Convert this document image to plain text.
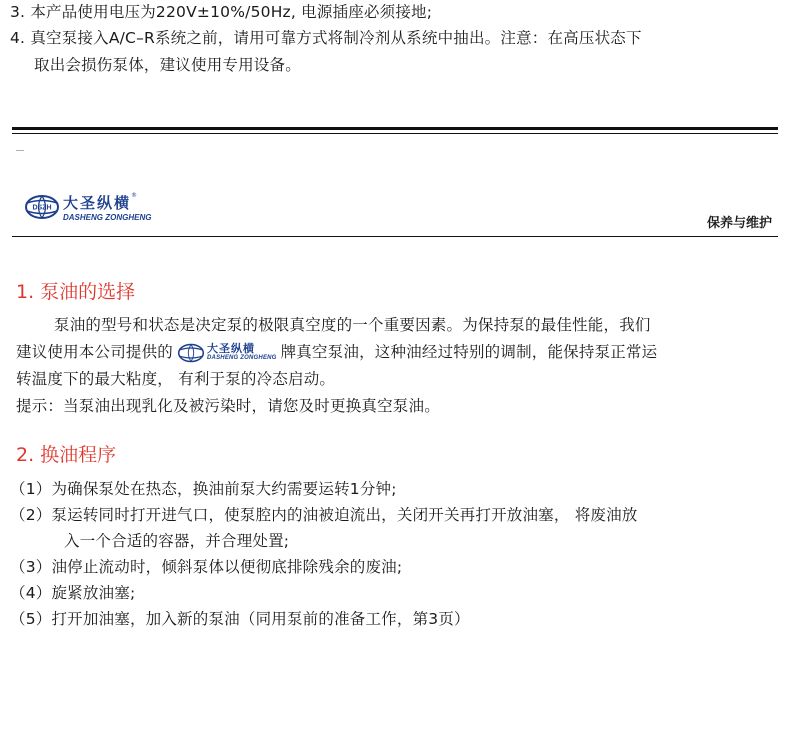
3. 本产品使用电压为220V±10%/50Hz, 电源插座必须接地;
4. 真空泵接入A/C–R系统之前，请用可靠方式将制冷剂从系统中抽出。注意：在高压状态下
取出会损伤泵体，建议使用专用设备。
DSZH 大圣纵横®
DASHENG ZONGHENG	保养与维护
1. 泵油的选择
泵油的型号和状态是决定泵的极限真空度的一个重要因素。为保持泵的最佳性能，我们
建议使用本公司提供的	大圣纵横
DASHENG ZONGHENG 牌真空泵油，这种油经过特别的调制，能保持泵正常运
转温度下的最大粘度， 有利于泵的冷态启动。
提示：当泵油出现乳化及被污染时，请您及时更换真空泵油。
2. 换油程序
（1）为确保泵处在热态，换油前泵大约需要运转1分钟;
（2）泵运转同时打开进气口，使泵腔内的油被迫流出，关闭开关再打开放油塞， 将废油放
入一个合适的容器，并合理处置;
（3）油停止流动时，倾斜泵体以便彻底排除残余的废油;
（4）旋紧放油塞;
（5）打开加油塞，加入新的泵油（同用泵前的准备工作，第3页）
